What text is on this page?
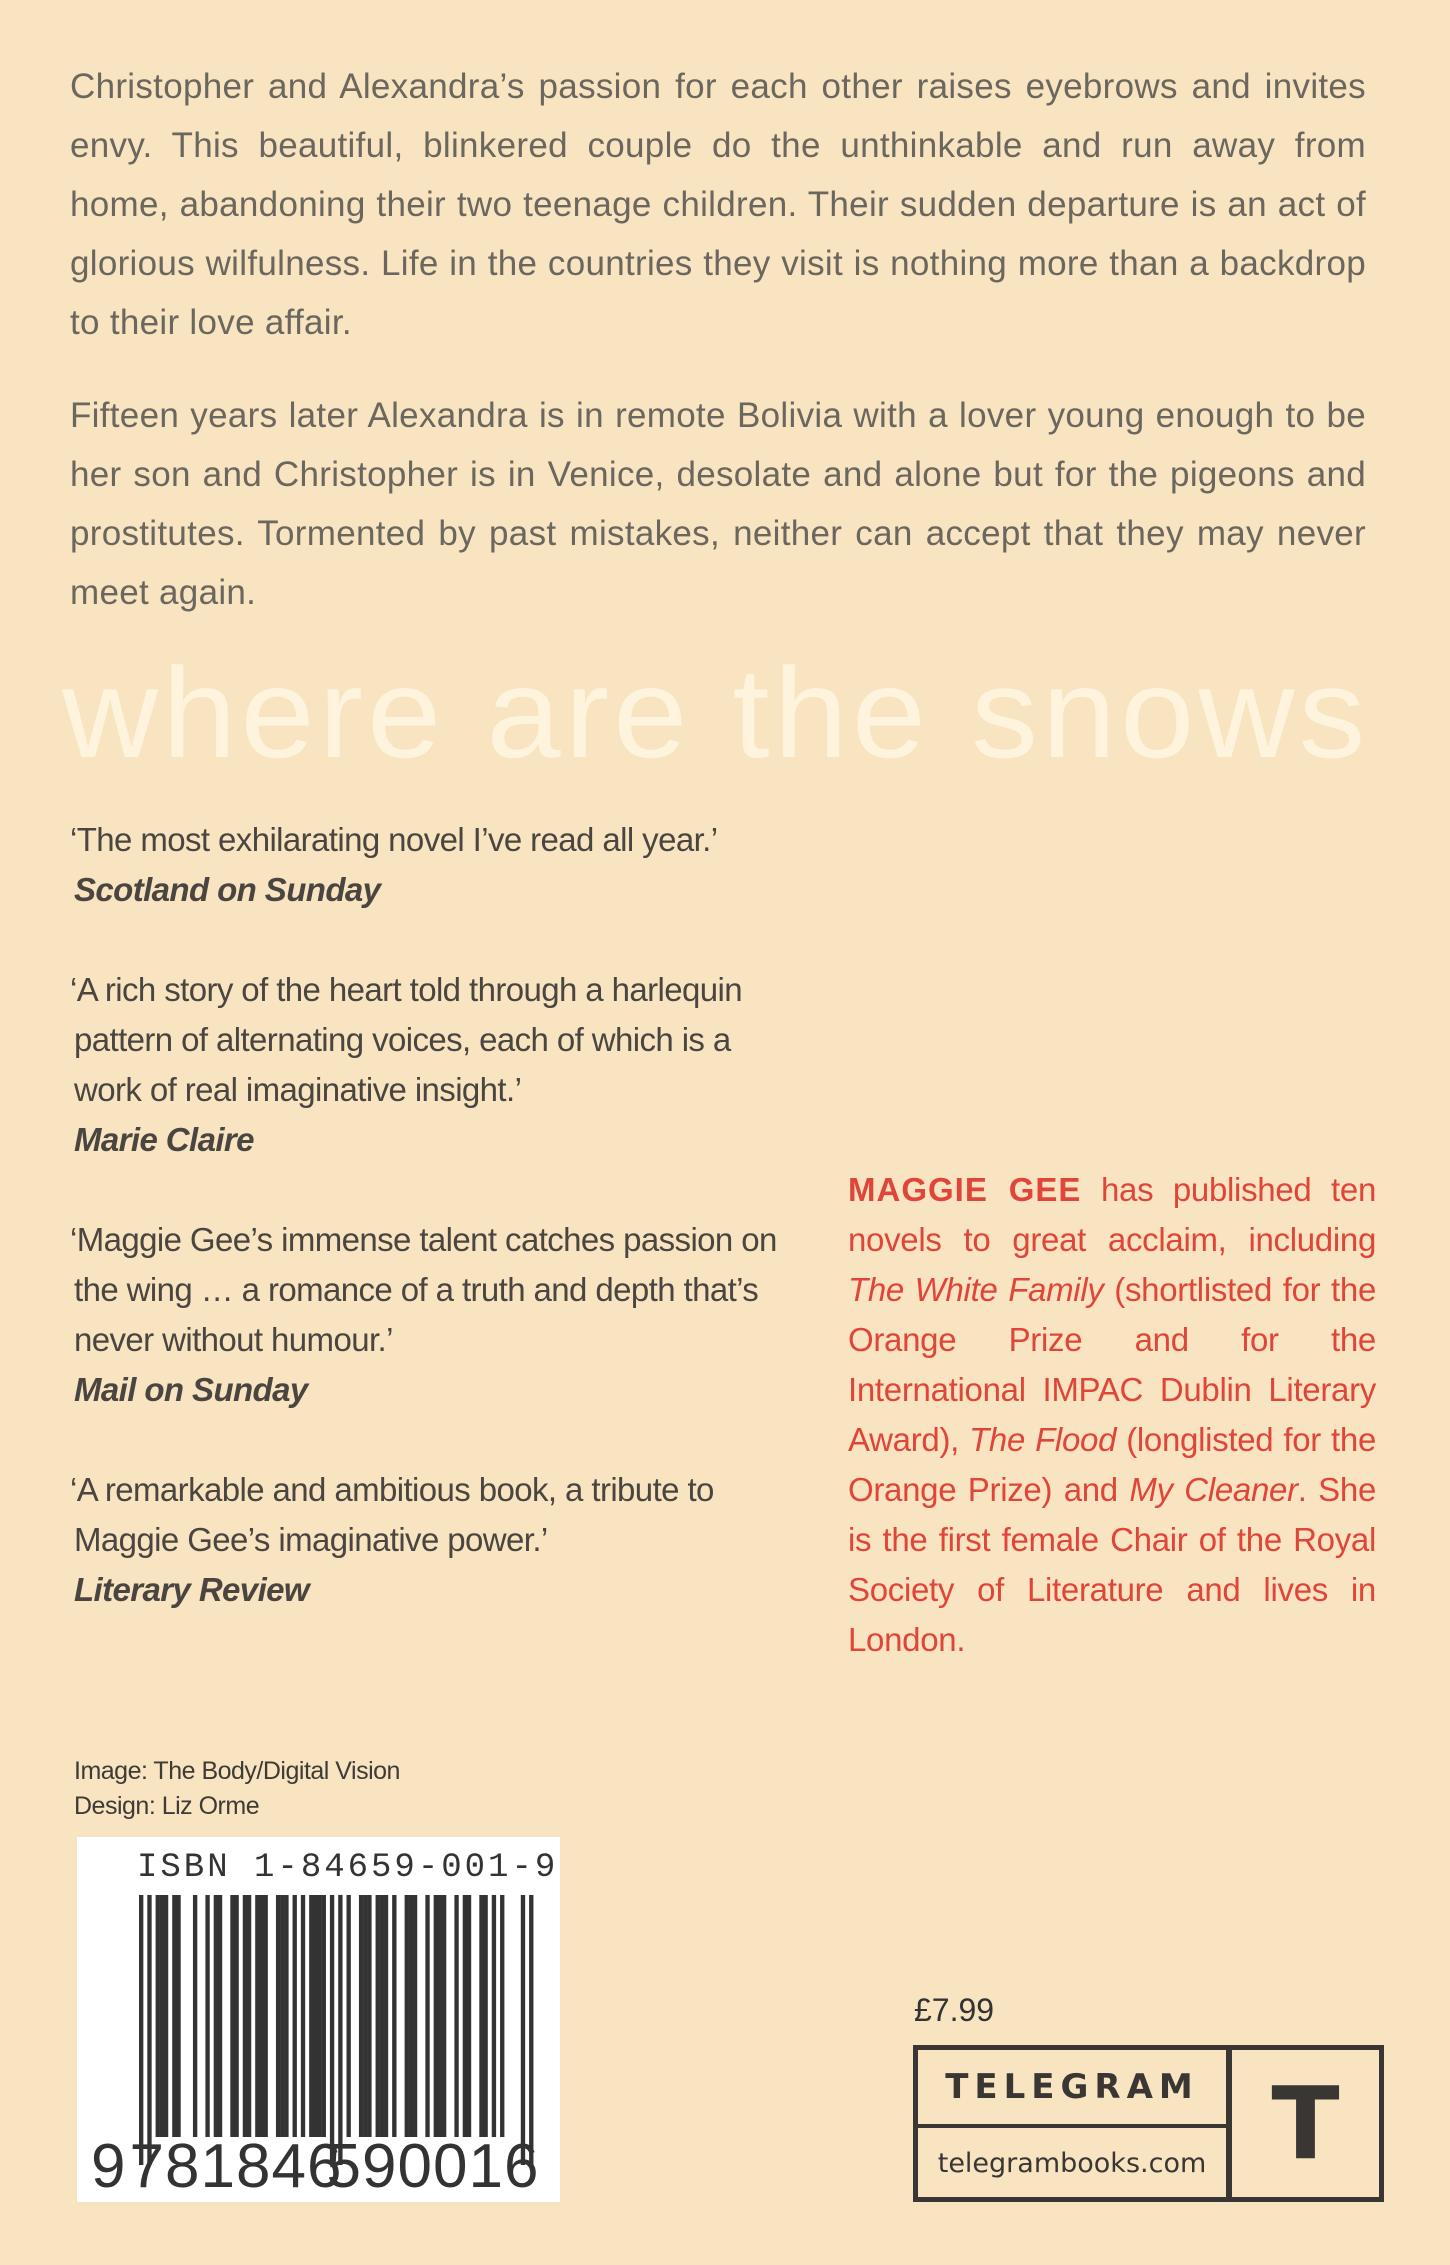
Christopher and Alexandra’s passion for each other raises eyebrows and invites envy. This beautiful, blinkered couple do the unthinkable and run away from home, abandoning their two teenage children. Their sudden departure is an act of glorious wilfulness. Life in the countries they visit is nothing more than a backdrop to their love affair.

Fifteen years later Alexandra is in remote Bolivia with a lover young enough to be her son and Christopher is in Venice, desolate and alone but for the pigeons and prostitutes. Tormented by past mistakes, neither can accept that they may never meet again.

where are the snows
‘The most exhilarating novel I’ve read all year.’
Scotland on Sunday
‘A rich story of the heart told through a harlequin pattern of alternating voices, each of which is a work of real imaginative insight.’
Marie Claire
‘Maggie Gee’s immense talent catches passion on the wing … a romance of a truth and depth that’s never without humour.’
Mail on Sunday
‘A remarkable and ambitious book, a tribute to Maggie Gee’s imaginative power.’
Literary Review
MAGGIE GEE has published ten novels to great acclaim, including The White Family (shortlisted for the Orange Prize and for the International IMPAC Dublin Literary Award), The Flood (longlisted for the Orange Prize) and My Cleaner. She is the first female Chair of the Royal Society of Literature and lives in London.
Image: The Body/Digital Vision
Design: Liz Orme
ISBN 1-84659-001-9
9 781846
590016
£7.99
TELEGRAM
telegrambooks.com T
